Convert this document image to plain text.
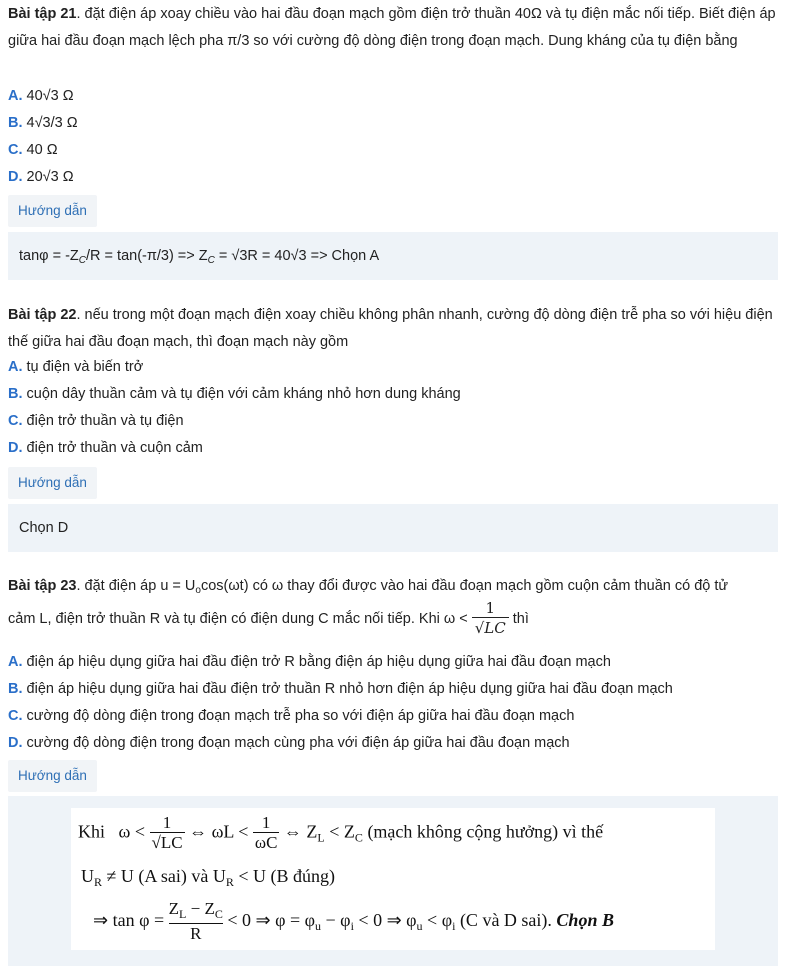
Bài tập 21. đặt điện áp xoay chiều vào hai đầu đoạn mạch gồm điện trở thuần 40Ω và tụ điện mắc nối tiếp. Biết điện áp giữa hai đầu đoạn mạch lệch pha π/3 so với cường độ dòng điện trong đoạn mạch. Dung kháng của tụ điện bằng
A. 40√3 Ω
B. 4√3/3 Ω
C. 40 Ω
D. 20√3 Ω
Hướng dẫn
$\tan\varphi = -Z_C/R = \tan(-\pi/3) => Z_C = √3R = 40√3$ => Chọn A
Bài tập 22. nếu trong một đoạn mạch điện xoay chiều không phân nhanh, cường độ dòng điện trễ pha so với hiệu điện thế giữa hai đầu đoạn mạch, thì đoạn mạch này gồm
A. tụ điện và biến trở
B. cuộn dây thuần cảm và tụ điện với cảm kháng nhỏ hơn dung kháng
C. điện trở thuần và tụ điện
D. điện trở thuần và cuộn cảm
Hướng dẫn
Chọn D
Bài tập 23. đặt điện áp $u = U_o\cos(\omega t)$ có ω thay đổi được vào hai đầu đoạn mạch gồm cuộn cảm thuần có độ tử
cảm L, điện trở thuần R và tụ điện có điện dung C mắc nối tiếp. Khi $\omega < \frac{1}{√LC}$ thì
A. điện áp hiệu dụng giữa hai đầu điện trở R bằng điện áp hiệu dụng giữa hai đầu đoạn mạch
B. điện áp hiệu dụng giữa hai đầu điện trở thuần R nhỏ hơn điện áp hiệu dụng giữa hai đầu đoạn mạch
C. cường độ dòng điện trong đoạn mạch trễ pha so với điện áp giữa hai đầu đoạn mạch
D. cường độ dòng điện trong đoạn mạch cùng pha với điện áp giữa hai đầu đoạn mạch
Hướng dẫn
Khi $\omega < \frac{1}{√LC}$ ⇔ $\omega L < \frac{1}{\omega C}$ ⇔ $Z_L < Z_C$ (mạch không cộng hưởng) vì thế
$U_R \ne U$ (A sai) và $U_R < U$ (B đúng)
⇒ $\tan \varphi = \frac{Z_L - Z_C}{R} < 0$ ⇒ $\varphi = \varphi_u - \varphi_i < 0$ ⇒ $\varphi_u < \varphi_i$ (C và D sai). Chọn B
